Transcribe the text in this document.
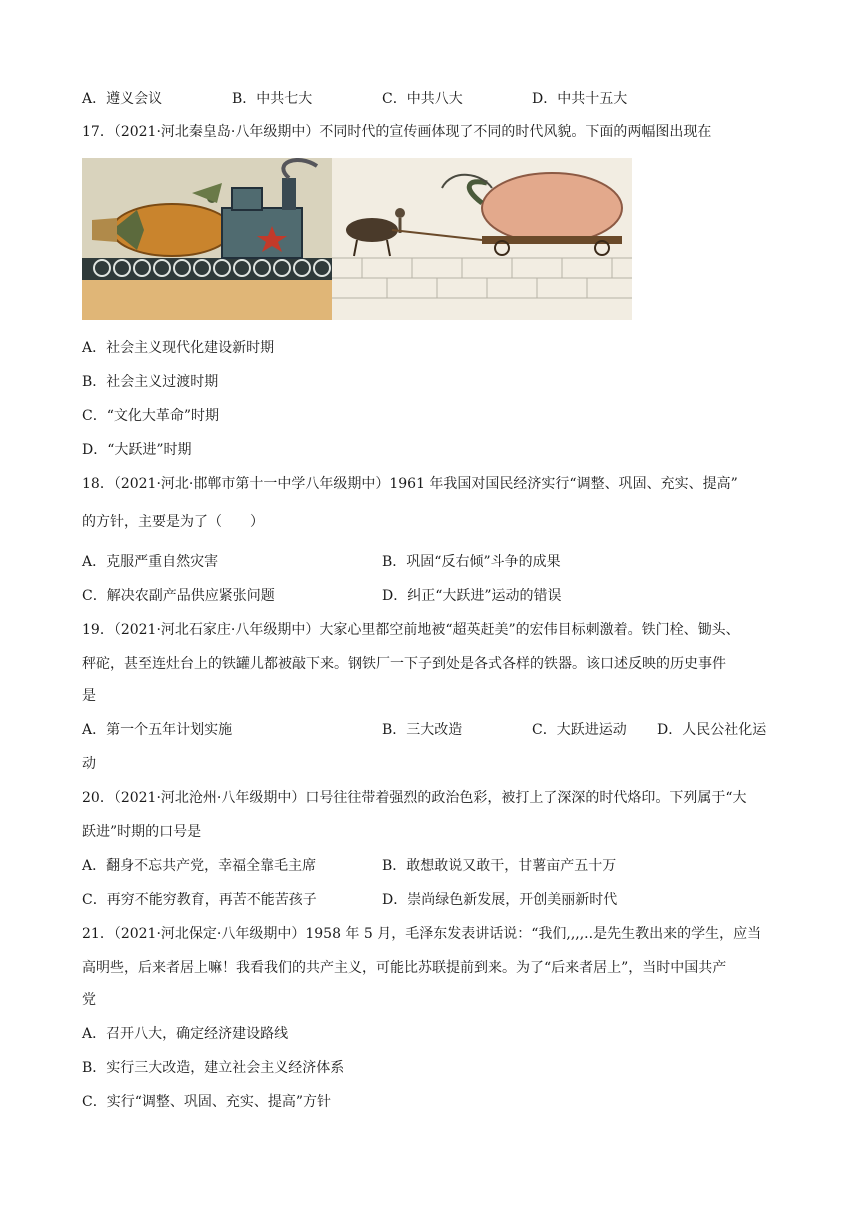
A．遵义会议	B．中共七大	C．中共八大	D．中共十五大
17．（2021·河北秦皇岛·八年级期中）不同时代的宣传画体现了不同的时代风貌。下面的两幅图出现在
A．社会主义现代化建设新时期
B．社会主义过渡时期
C．“文化大革命”时期
D．“大跃进”时期
18．（2021·河北·邯郸市第十一中学八年级期中）1961 年我国对国民经济实行“调整、巩固、充实、提高”
的方针，主要是为了（　　）
A．克服严重自然灾害	B．巩固“反右倾”斗争的成果
C．解决农副产品供应紧张问题	D．纠正“大跃进”运动的错误
19．（2021·河北石家庄·八年级期中）大家心里都空前地被“超英赶美”的宏伟目标刺激着。铁门栓、锄头、
秤砣，甚至连灶台上的铁罐儿都被敲下来。钢铁厂一下子到处是各式各样的铁器。该口述反映的历史事件
是
A．第一个五年计划实施	B．三大改造	C．大跃进运动 D．人民公社化运
动
20．（2021·河北沧州·八年级期中）口号往往带着强烈的政治色彩，被打上了深深的时代烙印。下列属于“大
跃进”时期的口号是
A．翻身不忘共产党，幸福全靠毛主席	B．敢想敢说又敢干，甘薯亩产五十万
C．再穷不能穷教育，再苦不能苦孩子	D．崇尚绿色新发展，开创美丽新时代
21．（2021·河北保定·八年级期中）1958 年 5 月，毛泽东发表讲话说：“我们,,,,..是先生教出来的学生，应当
高明些，后来者居上嘛！我看我们的共产主义，可能比苏联提前到来。为了“后来者居上”，当时中国共产
党
A．召开八大，确定经济建设路线
B．实行三大改造，建立社会主义经济体系
C．实行“调整、巩固、充实、提高”方针
